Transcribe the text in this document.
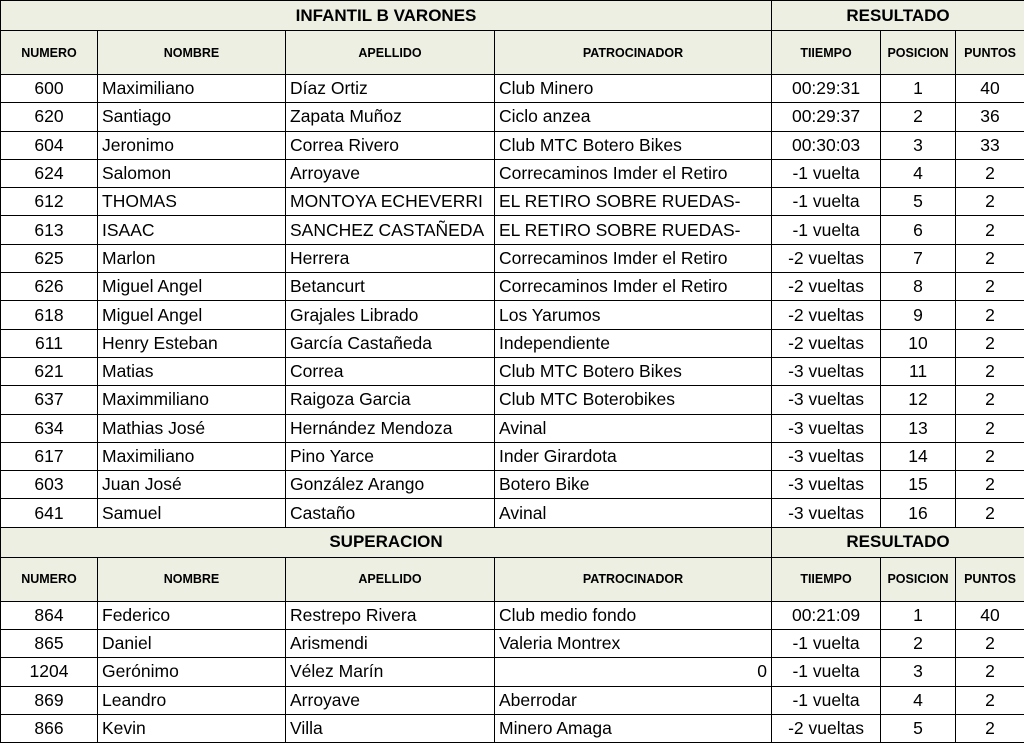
INFANTIL B VARONES				RESULTADO		
NUMERO	NOMBRE	APELLIDO	PATROCINADOR	TIIEMPO	POSICION	PUNTOS
600	Maximiliano	Díaz Ortiz	Club Minero	00:29:31	1	40
620	Santiago	Zapata Muñoz	Ciclo anzea	00:29:37	2	36
604	Jeronimo	Correa Rivero	Club MTC Botero Bikes	00:30:03	3	33
624	Salomon	Arroyave	Correcaminos Imder el Retiro	-1 vuelta	4	2
612	THOMAS	MONTOYA ECHEVERRI	EL RETIRO SOBRE RUEDAS-	-1 vuelta	5	2
613	ISAAC	SANCHEZ CASTAÑEDA	EL RETIRO SOBRE RUEDAS-	-1 vuelta	6	2
625	Marlon	Herrera	Correcaminos Imder el Retiro	-2 vueltas	7	2
626	Miguel Angel	Betancurt	Correcaminos Imder el Retiro	-2 vueltas	8	2
618	Miguel Angel	Grajales Librado	Los Yarumos	-2 vueltas	9	2
611	Henry Esteban	García Castañeda	Independiente	-2 vueltas	10	2
621	Matias	Correa	Club MTC Botero Bikes	-3 vueltas	11	2
637	Maximmiliano	Raigoza Garcia	Club MTC Boterobikes	-3 vueltas	12	2
634	Mathias José	Hernández Mendoza	Avinal	-3 vueltas	13	2
617	Maximiliano	Pino Yarce	Inder Girardota	-3 vueltas	14	2
603	Juan José	González Arango	Botero Bike	-3 vueltas	15	2
641	Samuel	Castaño	Avinal	-3 vueltas	16	2
SUPERACION				RESULTADO		
NUMERO	NOMBRE	APELLIDO	PATROCINADOR	TIIEMPO	POSICION	PUNTOS
864	Federico	Restrepo Rivera	Club medio fondo	00:21:09	1	40
865	Daniel	Arismendi	Valeria Montrex	-1 vuelta	2	2
1204	Gerónimo	Vélez Marín	0	-1 vuelta	3	2
869	Leandro	Arroyave	Aberrodar	-1 vuelta	4	2
866	Kevin	Villa	Minero Amaga	-2 vueltas	5	2
